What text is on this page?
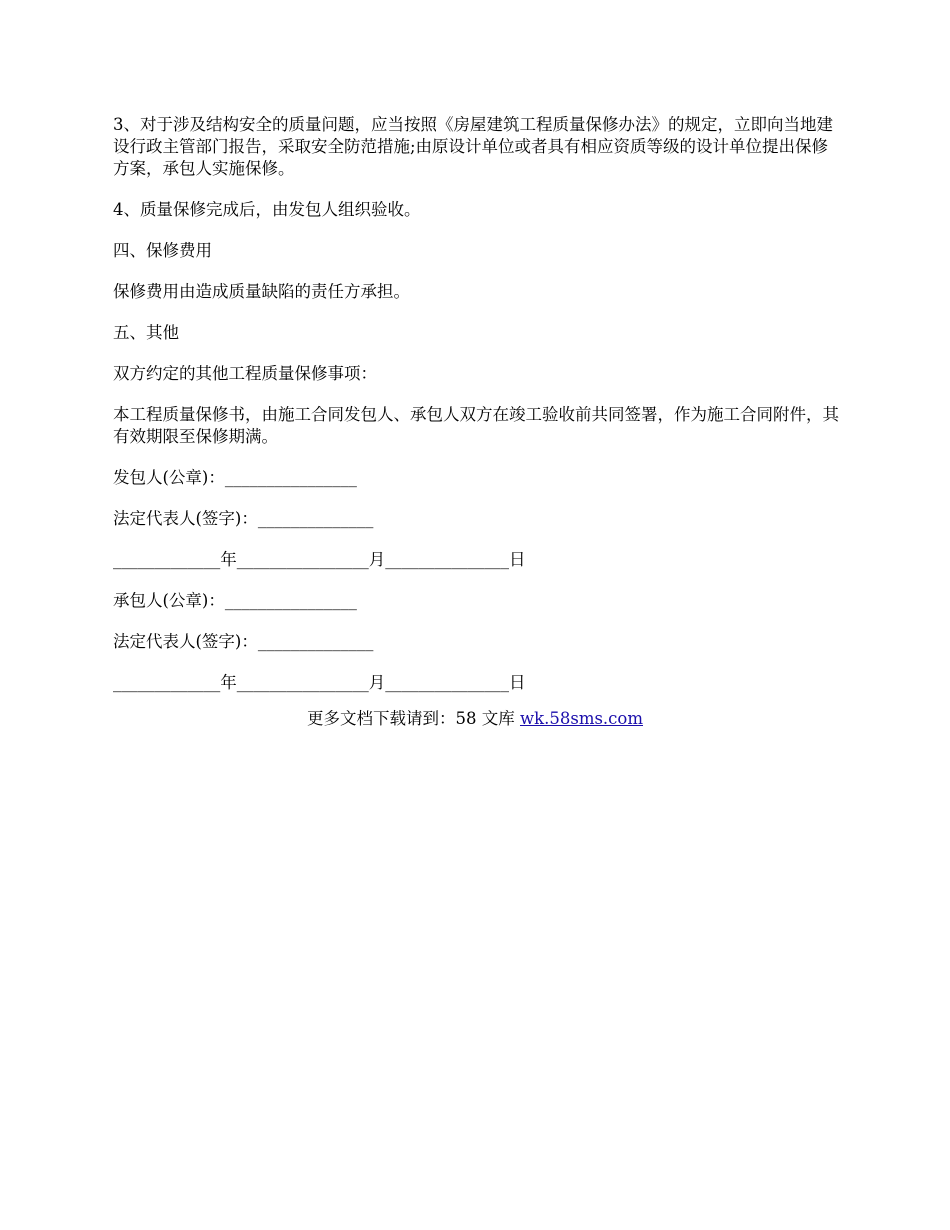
3、对于涉及结构安全的质量问题，应当按照《房屋建筑工程质量保修办法》的规定，立即向当地建设行政主管部门报告，采取安全防范措施;由原设计单位或者具有相应资质等级的设计单位提出保修方案，承包人实施保修。

4、质量保修完成后，由发包人组织验收。

四、保修费用

保修费用由造成质量缺陷的责任方承担。

五、其他

双方约定的其他工程质量保修事项：

本工程质量保修书，由施工合同发包人、承包人双方在竣工验收前共同签署，作为施工合同附件，其有效期限至保修期满。

发包人(公章)：________________

法定代表人(签字)：______________

_____________年________________月_______________日

承包人(公章)：________________

法定代表人(签字)：______________

_____________年________________月_______________日

更多文档下载请到：58 文库 wk.58sms.com
